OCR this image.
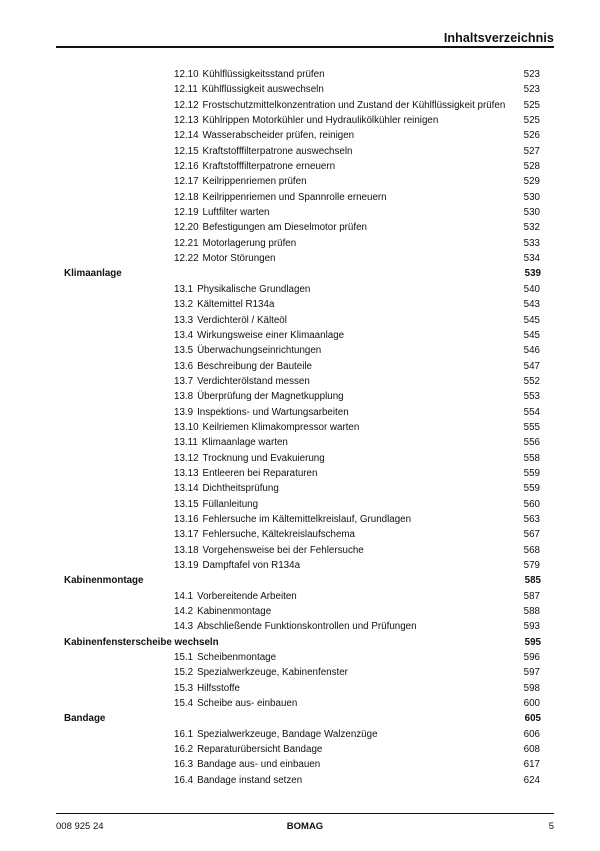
Inhaltsverzeichnis
12.10 Kühlflüssigkeitsstand prüfen	523
12.11 Kühlflüssigkeit auswechseln	523
12.12 Frostschutzmittelkonzentration und Zustand der Kühlflüssigkeit prüfen 525
12.13 Kühlrippen Motorkühler und Hydraulikölkühler reinigen	525
12.14 Wasserabscheider prüfen, reinigen	526
12.15 Kraftstofffilterpatrone auswechseln	527
12.16 Kraftstofffilterpatrone erneuern	528
12.17 Keilrippenriemen prüfen	529
12.18 Keilrippenriemen und Spannrolle erneuern	530
12.19 Luftfilter warten	530
12.20 Befestigungen am Dieselmotor prüfen	532
12.21 Motorlagerung prüfen	533
12.22 Motor Störungen	534
Klimaanlage	539
13.1 Physikalische Grundlagen	540
13.2 Kältemittel R134a	543
13.3 Verdichteröl / Kälteöl	545
13.4 Wirkungsweise einer Klimaanlage	545
13.5 Überwachungseinrichtungen	546
13.6 Beschreibung der Bauteile	547
13.7 Verdichterölstand messen	552
13.8 Überprüfung der Magnetkupplung	553
13.9 Inspektions- und Wartungsarbeiten	554
13.10 Keilriemen Klimakompressor warten	555
13.11 Klimaanlage warten	556
13.12 Trocknung und Evakuierung	558
13.13 Entleeren bei Reparaturen	559
13.14 Dichtheitsprüfung	559
13.15 Füllanleitung	560
13.16 Fehlersuche im Kältemittelkreislauf, Grundlagen	563
13.17 Fehlersuche, Kältekreislaufschema	567
13.18 Vorgehensweise bei der Fehlersuche	568
13.19 Dampftafel von R134a	579
Kabinenmontage	585
14.1 Vorbereitende Arbeiten	587
14.2 Kabinenmontage	588
14.3 Abschließende Funktionskontrollen und Prüfungen	593
Kabinenfensterscheibe wechseln	595
15.1 Scheibenmontage	596
15.2 Spezialwerkzeuge, Kabinenfenster	597
15.3 Hilfsstoffe	598
15.4 Scheibe aus- einbauen	600
Bandage	605
16.1 Spezialwerkzeuge, Bandage Walzenzüge	606
16.2 Reparaturübersicht Bandage	608
16.3 Bandage aus- und einbauen	617
16.4 Bandage instand setzen	624
008 925 24	BOMAG	5
